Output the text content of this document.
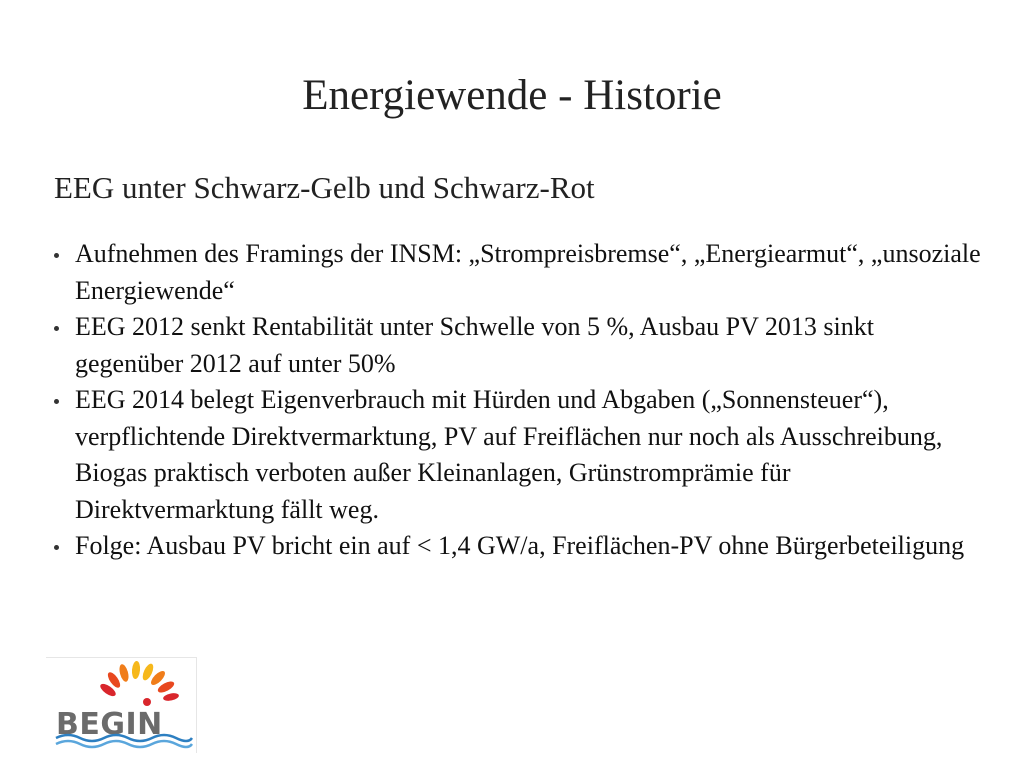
Energiewende - Historie
EEG unter Schwarz-Gelb und Schwarz-Rot
Aufnehmen des Framings der INSM: „Strompreisbremse“, „Energiearmut“, „unsoziale Energiewende“
EEG 2012 senkt Rentabilität unter Schwelle von 5 %, Ausbau PV 2013 sinkt gegenüber 2012 auf unter 50%
EEG 2014 belegt Eigenverbrauch mit Hürden und Abgaben („Sonnensteuer“), verpflichtende Direktvermarktung, PV auf Freiflächen nur noch als Ausschreibung, Biogas praktisch verboten außer Kleinanlagen, Grünstromprämie für Direktvermarktung fällt weg.
Folge: Ausbau PV bricht ein auf < 1,4 GW/a, Freiflächen-PV ohne Bürgerbeteiligung
BEGIN
